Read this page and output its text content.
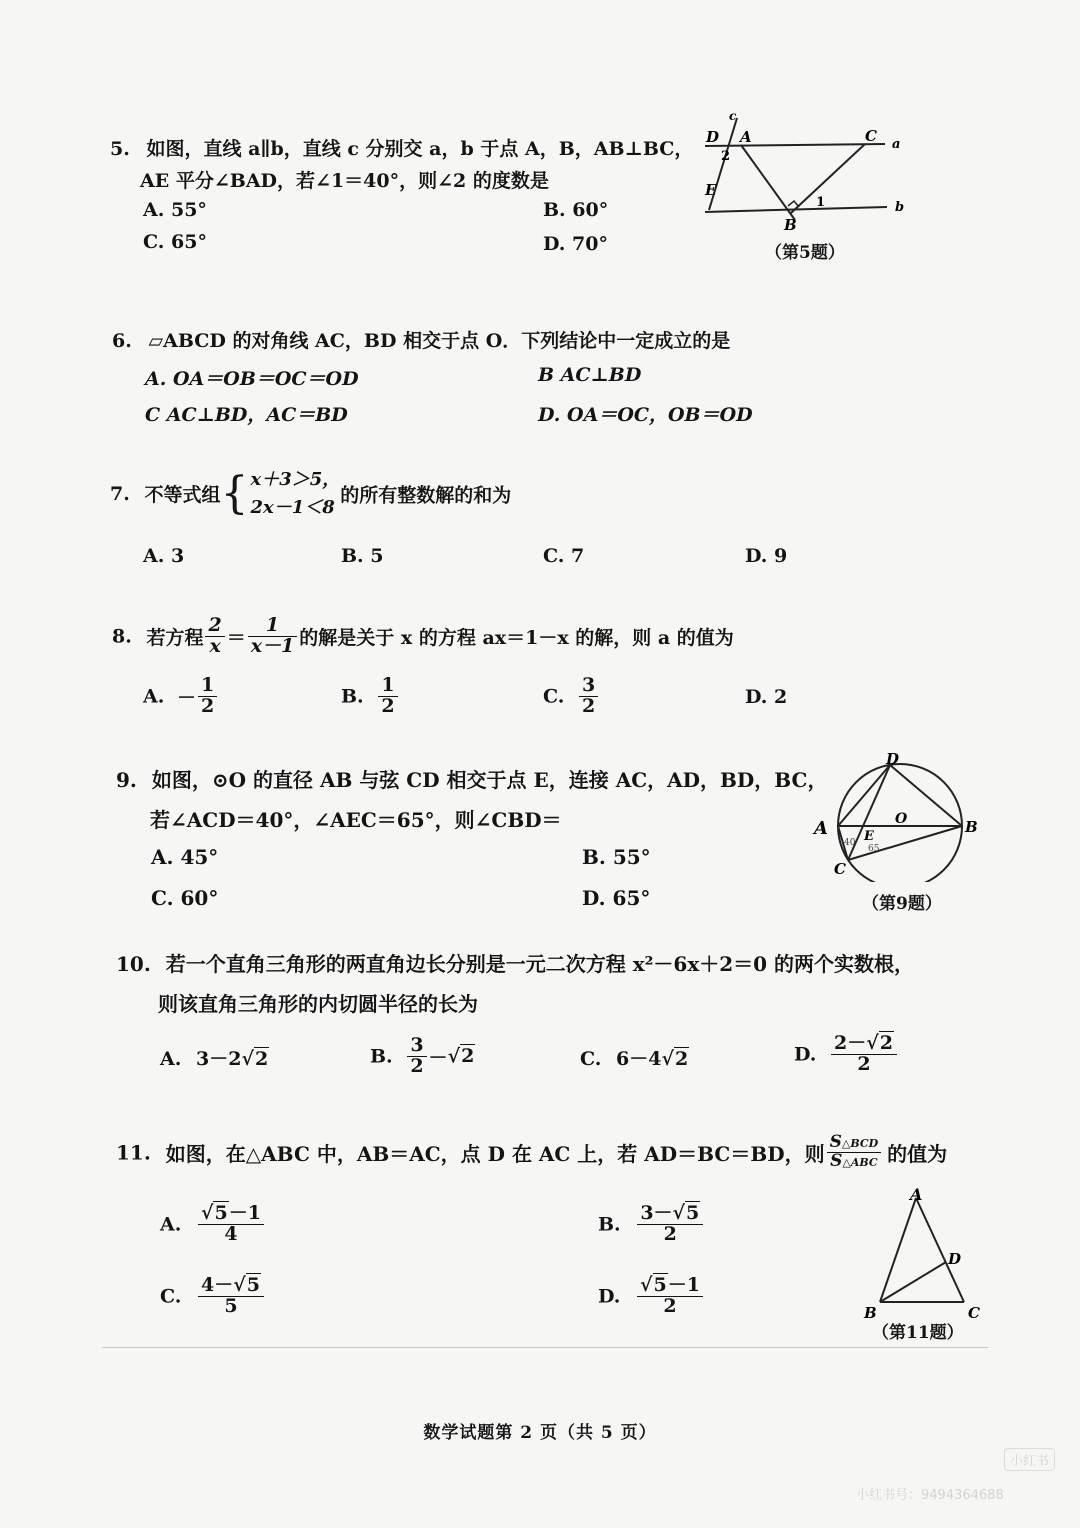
5. 如图，直线 a∥b，直线 c 分别交 a，b 于点 A，B，AB⊥BC，
AE 平分∠BAD，若∠1＝40°，则∠2 的度数是
A. 55°	B. 60°
C. 65°	D. 70°
c
D A	C a
2
E
1
B
b
（第5题）
6. ▱ABCD 的对角线 AC，BD 相交于点 O．下列结论中一定成立的是
A. OA＝OB＝OC＝OD	B AC⊥BD
C AC⊥BD，AC＝BD	D. OA＝OC，OB＝OD
7. 不等式组{ x＋3＞5，
2x－1＜8
的所有整数解的和为
A. 3	B. 5	C. 7	D. 9
8. 若方程 $\frac{2}{x} = \frac{1}{x-1}$ 的解是关于 x 的方程 ax＝1－x 的解，则 a 的值为
A. － $\frac{1}{2}$	B. $\frac{1}{2}$	C. $\frac{3}{2}$	D. 2
9. 如图，⊙O 的直径 AB 与弦 CD 相交于点 E，连接 AC，AD，BD，BC，
若∠ACD＝40°，∠AEC＝65°，则∠CBD＝
A. 45°	B. 55°
C. 60°	D. 65°
D
A	O	B
E
C
40
65
（第9题）
10. 若一个直角三角形的两直角边长分别是一元二次方程 x²－6x＋2＝0 的两个实数根，
则该直角三角形的内切圆半径的长为
A. 3－2√2	B. $\frac{3}{2} -√2$	C. 6－4√2	D. $\frac{2-√2}{2}$
11. 如图，在△ABC 中，AB＝AC，点 D 在 AC 上，若 AD＝BC＝BD，则 $\frac{\text{S△BCD}}{\text{S△ABC}}$ 的值为
A. $\frac{√5-1}{4}$	B. $\frac{3-√5}{2}$
C. $\frac{4-√5}{5}$	D. $\frac{√5-1}{2}$
A
D
B	C
（第11题）
数学试题第 2 页（共 5 页）
小红书
小红书号：9494364688
